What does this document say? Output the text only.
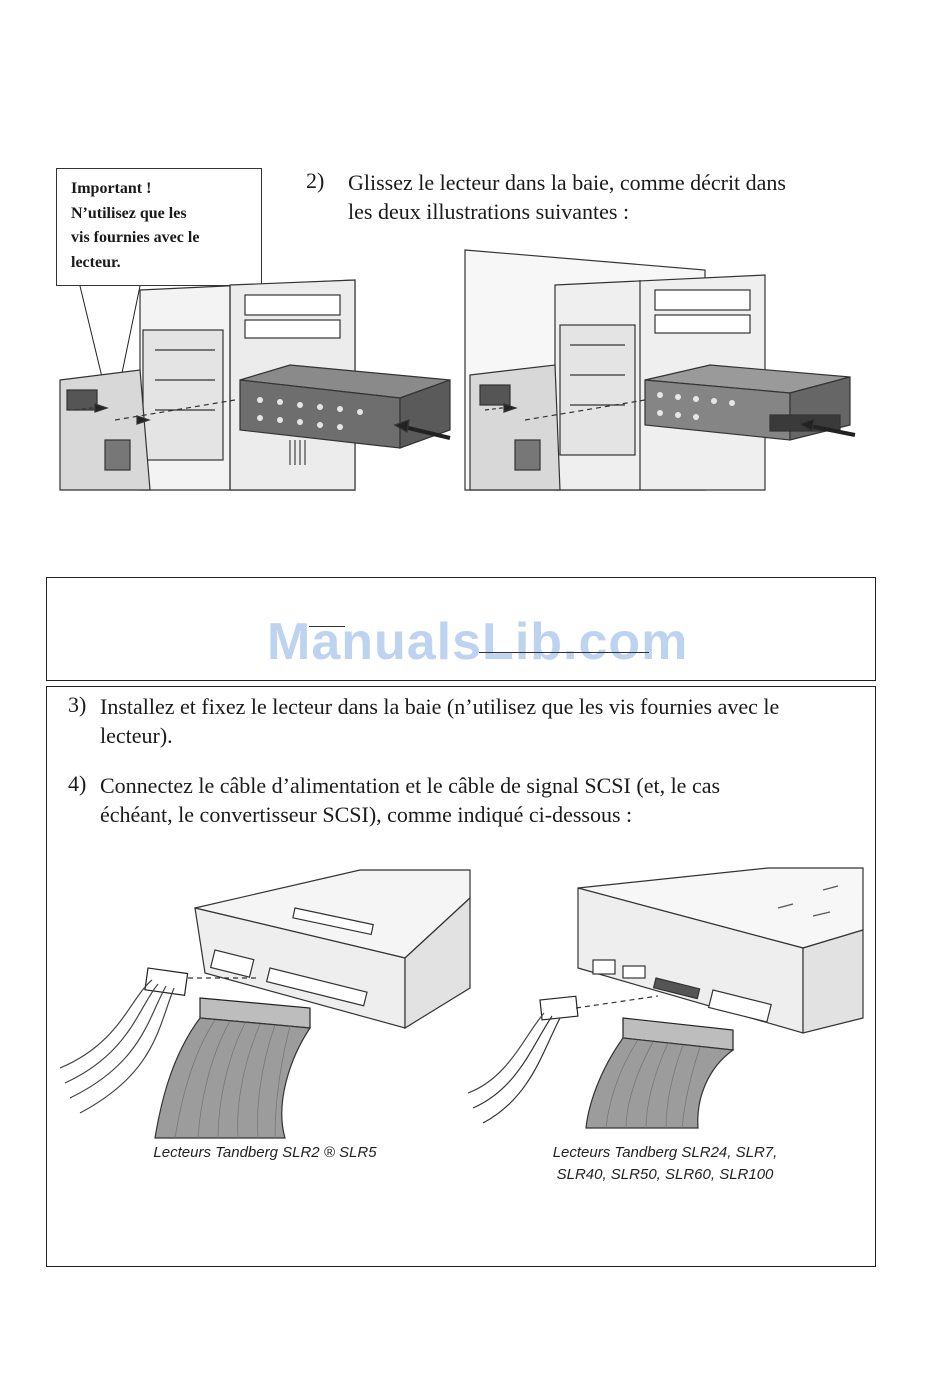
Important !
N’utilisez que les
vis fournies avec le
lecteur.
2) Glissez le lecteur dans la baie, comme décrit dans
les deux illustrations suivantes :
ManualsLib.com
3) Installez et fixez le lecteur dans la baie (n’utilisez que les vis fournies avec le
lecteur).
4) Connectez le câble d’alimentation et le câble de signal SCSI (et, le cas
échéant, le convertisseur SCSI), comme indiqué ci-dessous :
Lecteurs Tandberg SLR2 ® SLR5	Lecteurs Tandberg SLR24, SLR7,
SLR40, SLR50, SLR60, SLR100
